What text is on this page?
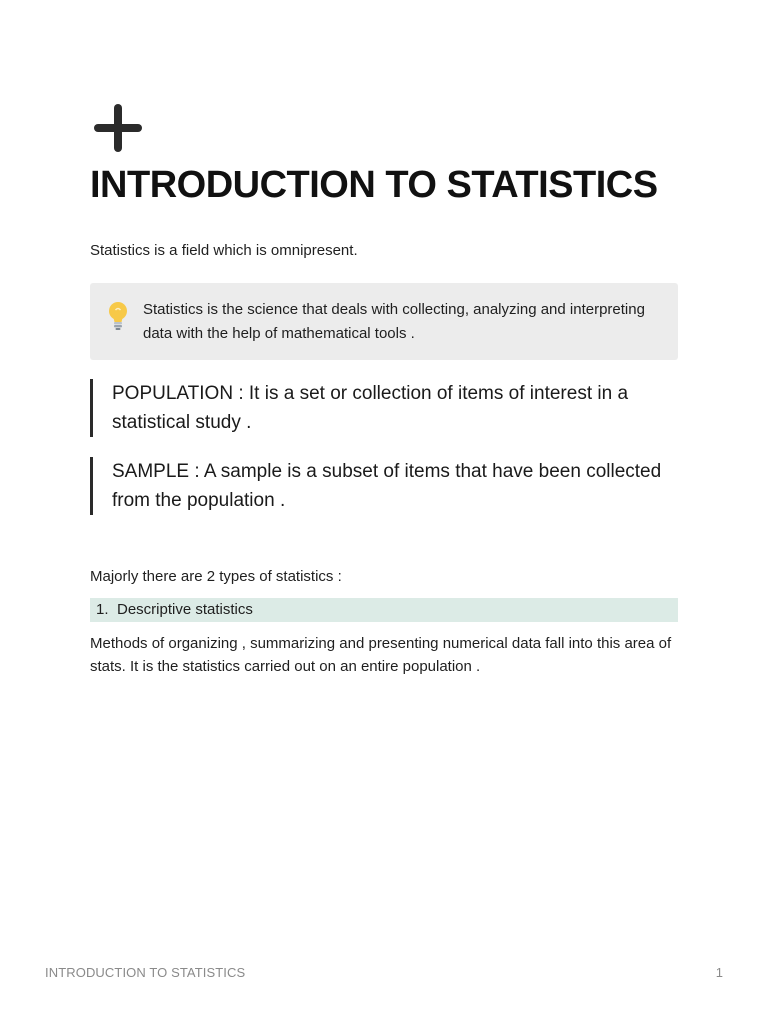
INTRODUCTION TO STATISTICS
Statistics is a field which is omnipresent.
Statistics is the science that deals with collecting, analyzing and interpreting data with the help of mathematical tools .
POPULATION : It is a set or collection of items of interest in a statistical study .
SAMPLE : A sample is a subset of items that have been collected from the population .
Majorly there are 2 types of statistics :
1. Descriptive statistics
Methods of organizing , summarizing and presenting numerical data fall into this area of stats. It is the statistics carried out on an entire population .
INTRODUCTION TO STATISTICS	1
